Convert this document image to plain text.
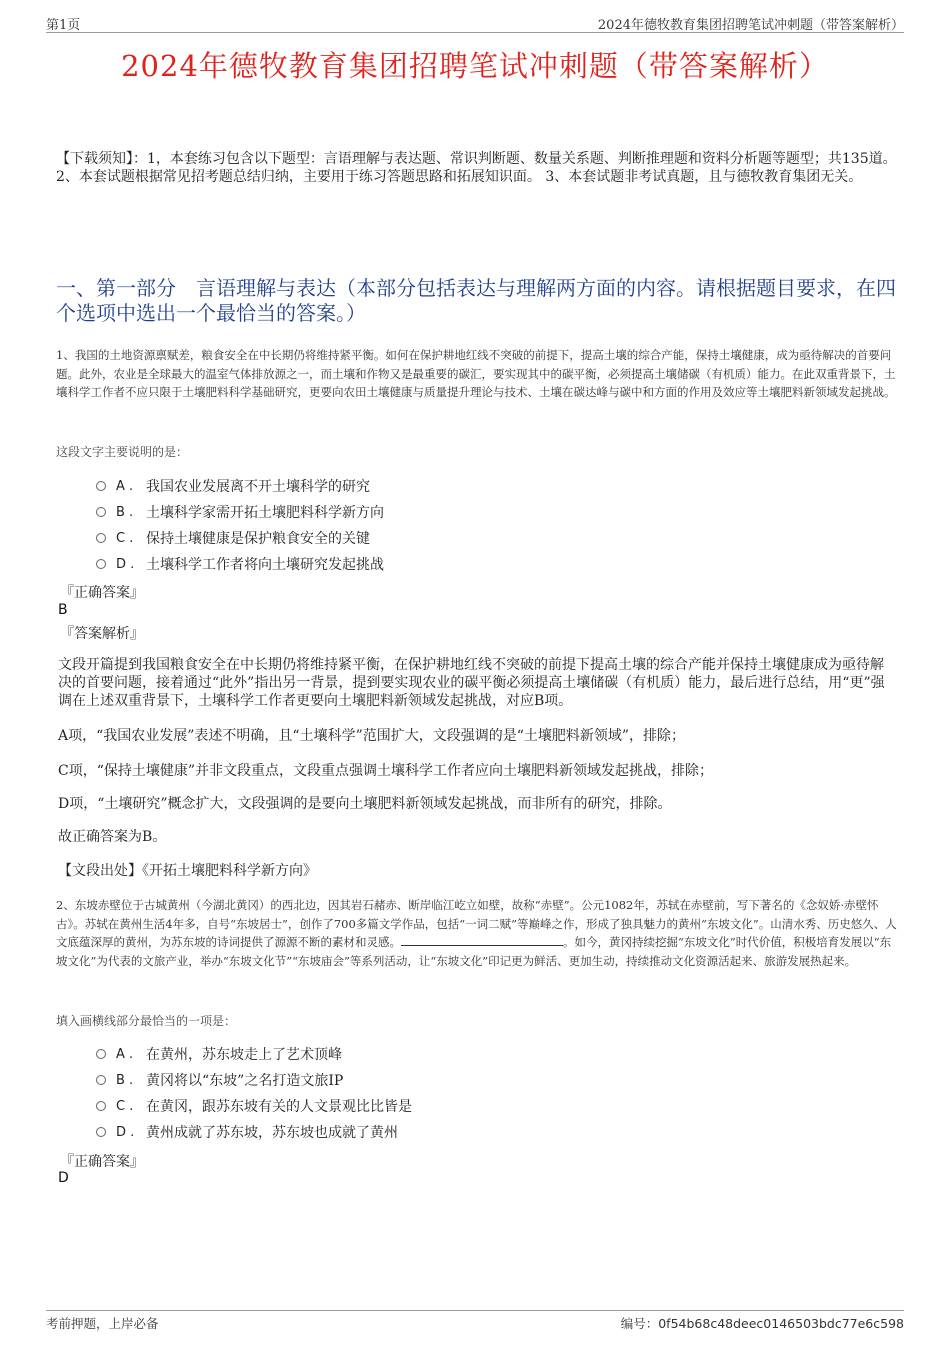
第1页	2024年德牧教育集团招聘笔试冲刺题（带答案解析）
2024年德牧教育集团招聘笔试冲刺题（带答案解析）
【下载须知】：1，本套练习包含以下题型：言语理解与表达题、常识判断题、数量关系题、判断推理题和资料分析题等题型；共135道。 2、本套试题根据常见招考题总结归纳，主要用于练习答题思路和拓展知识面。 3、本套试题非考试真题，且与德牧教育集团无关。
一、第一部分　言语理解与表达（本部分包括表达与理解两方面的内容。请根据题目要求，在四个选项中选出一个最恰当的答案。）
1、我国的土地资源禀赋差，粮食安全在中长期仍将维持紧平衡。如何在保护耕地红线不突破的前提下，提高土壤的综合产能，保持土壤健康，成为亟待解决的首要问题。此外，农业是全球最大的温室气体排放源之一，而土壤和作物又是最重要的碳汇，要实现其中的碳平衡，必须提高土壤储碳（有机质）能力。在此双重背景下，土壤科学工作者不应只限于土壤肥料科学基础研究，更要向农田土壤健康与质量提升理论与技术、土壤在碳达峰与碳中和方面的作用及效应等土壤肥料新领域发起挑战。
这段文字主要说明的是：
A . 我国农业发展离不开土壤科学的研究
B . 土壤科学家需开拓土壤肥料科学新方向
C . 保持土壤健康是保护粮食安全的关键
D . 土壤科学工作者将向土壤研究发起挑战
『正确答案』
B
『答案解析』
文段开篇提到我国粮食安全在中长期仍将维持紧平衡，在保护耕地红线不突破的前提下提高土壤的综合产能并保持土壤健康成为亟待解决的首要问题，接着通过“此外”指出另一背景，提到要实现农业的碳平衡必须提高土壤储碳（有机质）能力，最后进行总结，用“更”强调在上述双重背景下，土壤科学工作者更要向土壤肥料新领域发起挑战，对应B项。
A项，“我国农业发展”表述不明确，且“土壤科学”范围扩大，文段强调的是“土壤肥料新领域”，排除；
C项，“保持土壤健康”并非文段重点，文段重点强调土壤科学工作者应向土壤肥料新领域发起挑战，排除；
D项，“土壤研究”概念扩大，文段强调的是要向土壤肥料新领域发起挑战，而非所有的研究，排除。
故正确答案为B。
【文段出处】《开拓土壤肥料科学新方向》
2、东坡赤壁位于古城黄州（今湖北黄冈）的西北边，因其岩石赭赤、断岸临江屹立如壁，故称“赤壁”。公元1082年，苏轼在赤壁前，写下著名的《念奴娇·赤壁怀古》。苏轼在黄州生活4年多，自号“东坡居士”，创作了700多篇文学作品，包括“一词二赋”等巅峰之作，形成了独具魅力的黄州“东坡文化”。山清水秀、历史悠久、人文底蕴深厚的黄州，为苏东坡的诗词提供了源源不断的素材和灵感。	。如今，黄冈持续挖掘“东坡文化”时代价值，积极培育发展以“东坡文化”为代表的文旅产业，举办“东坡文化节”“东坡庙会”等系列活动，让“东坡文化”印记更为鲜活、更加生动，持续推动文化资源活起来、旅游发展热起来。
填入画横线部分最恰当的一项是：
A . 在黄州，苏东坡走上了艺术顶峰
B . 黄冈将以“东坡”之名打造文旅IP
C . 在黄冈，跟苏东坡有关的人文景观比比皆是
D . 黄州成就了苏东坡，苏东坡也成就了黄州
『正确答案』
D
考前押题，上岸必备	编号：0f54b68c48deec0146503bdc77e6c598
